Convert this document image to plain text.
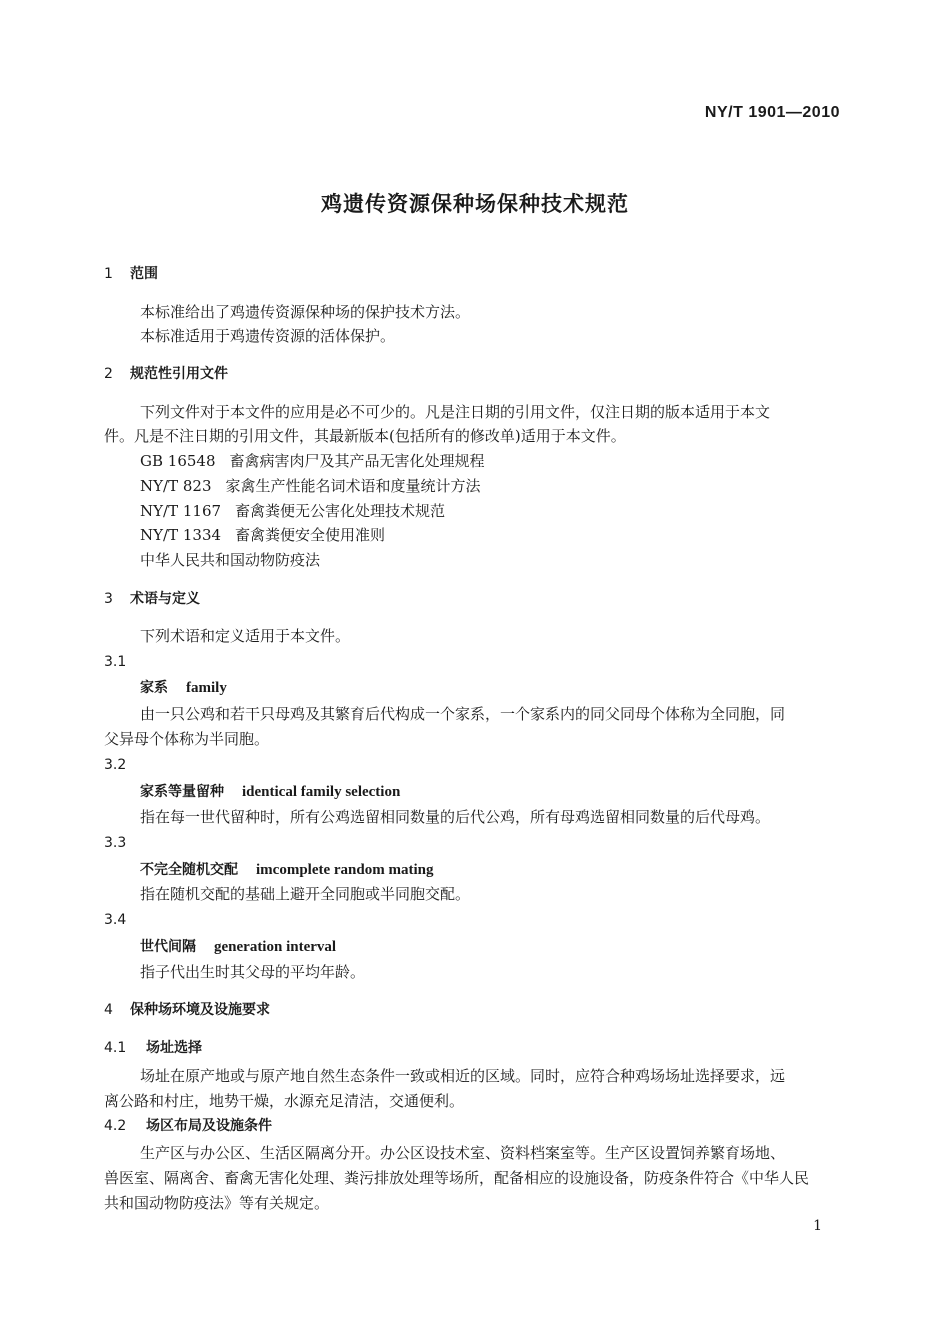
NY/T 1901—2010
鸡遗传资源保种场保种技术规范
1 范围
本标准给出了鸡遗传资源保种场的保护技术方法。
本标准适用于鸡遗传资源的活体保护。
2 规范性引用文件
下列文件对于本文件的应用是必不可少的。凡是注日期的引用文件，仅注日期的版本适用于本文
件。凡是不注日期的引用文件，其最新版本(包括所有的修改单)适用于本文件。
GB 16548 畜禽病害肉尸及其产品无害化处理规程
NY/T 823 家禽生产性能名词术语和度量统计方法
NY/T 1167 畜禽粪便无公害化处理技术规范
NY/T 1334 畜禽粪便安全使用准则
中华人民共和国动物防疫法
3 术语与定义
下列术语和定义适用于本文件。
3.1
家系 family
由一只公鸡和若干只母鸡及其繁育后代构成一个家系，一个家系内的同父同母个体称为全同胞，同
父异母个体称为半同胞。
3.2
家系等量留种 identical family selection
指在每一世代留种时，所有公鸡选留相同数量的后代公鸡，所有母鸡选留相同数量的后代母鸡。
3.3
不完全随机交配 imcomplete random mating
指在随机交配的基础上避开全同胞或半同胞交配。
3.4
世代间隔 generation interval
指子代出生时其父母的平均年龄。
4 保种场环境及设施要求
4.1 场址选择
场址在原产地或与原产地自然生态条件一致或相近的区域。同时，应符合种鸡场场址选择要求，远
离公路和村庄，地势干燥，水源充足清洁，交通便利。
4.2 场区布局及设施条件
生产区与办公区、生活区隔离分开。办公区设技术室、资料档案室等。生产区设置饲养繁育场地、
兽医室、隔离舍、畜禽无害化处理、粪污排放处理等场所，配备相应的设施设备，防疫条件符合《中华人民
共和国动物防疫法》等有关规定。
1
